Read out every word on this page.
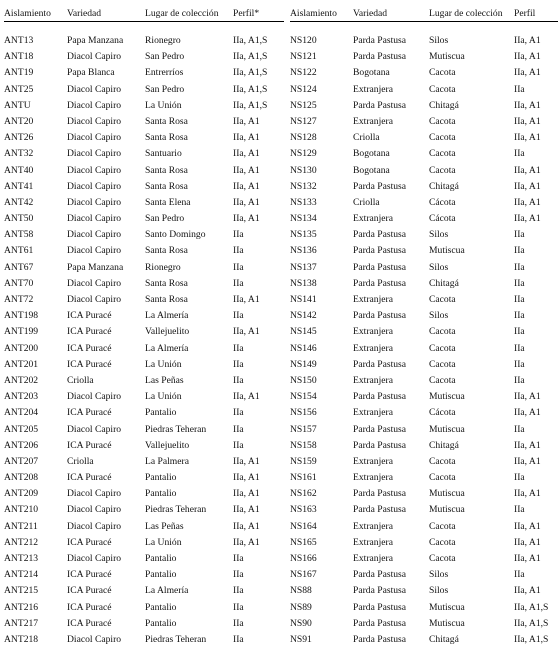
Aislamiento	Variedad	Lugar de colección	Perfil*
ANT13	Papa Manzana	Rionegro	IIa, A1,S
ANT18	Diacol Capiro	San Pedro	IIa, A1,S
ANT19	Papa Blanca	Entrerríos	IIa, A1,S
ANT25	Diacol Capiro	San Pedro	IIa, A1,S
ANTU	Diacol Capiro	La Unión	IIa, A1,S
ANT20	Diacol Capiro	Santa Rosa	IIa, A1
ANT26	Diacol Capiro	Santa Rosa	IIa, A1
ANT32	Diacol Capiro	Santuario	IIa, A1
ANT40	Diacol Capiro	Santa Rosa	IIa, A1
ANT41	Diacol Capiro	Santa Rosa	IIa, A1
ANT42	Diacol Capiro	Santa Elena	IIa, A1
ANT50	Diacol Capiro	San Pedro	IIa, A1
ANT58	Diacol Capiro	Santo Domingo	IIa
ANT61	Diacol Capiro	Santa Rosa	IIa
ANT67	Papa Manzana	Rionegro	IIa
ANT70	Diacol Capiro	Santa Rosa	IIa
ANT72	Diacol Capiro	Santa Rosa	IIa, A1
ANT198	ICA Puracé	La Almería	IIa
ANT199	ICA Puracé	Vallejuelito	IIa, A1
ANT200	ICA Puracé	La Almería	IIa
ANT201	ICA Puracé	La Unión	IIa
ANT202	Criolla	Las Peñas	IIa
ANT203	Diacol Capiro	La Unión	IIa, A1
ANT204	ICA Puracé	Pantalio	IIa
ANT205	Diacol Capiro	Piedras Teheran	IIa
ANT206	ICA Puracé	Vallejuelito	IIa
ANT207	Criolla	La Palmera	IIa, A1
ANT208	ICA Puracé	Pantalio	IIa, A1
ANT209	Diacol Capiro	Pantalio	IIa, A1
ANT210	Diacol Capiro	Piedras Teheran	IIa, A1
ANT211	Diacol Capiro	Las Peñas	IIa, A1
ANT212	ICA Puracé	La Unión	IIa, A1
ANT213	Diacol Capiro	Pantalio	IIa
ANT214	ICA Puracé	Pantalio	IIa
ANT215	ICA Puracé	La Almería	IIa
ANT216	ICA Puracé	Pantalio	IIa
ANT217	ICA Puracé	Pantalio	IIa
ANT218	Diacol Capiro	Piedras Teheran	IIa
Aislamiento	Variedad	Lugar de colección	Perfil
NS120	Parda Pastusa	Silos	IIa, A1
NS121	Parda Pastusa	Mutiscua	IIa, A1
NS122	Bogotana	Cacota	IIa, A1
NS124	Extranjera	Cacota	IIa
NS125	Parda Pastusa	Chitagá	IIa, A1
NS127	Extranjera	Cacota	IIa, A1
NS128	Criolla	Cacota	IIa, A1
NS129	Bogotana	Cacota	IIa
NS130	Bogotana	Cacota	IIa, A1
NS132	Parda Pastusa	Chitagá	IIa, A1
NS133	Criolla	Cácota	IIa, A1
NS134	Extranjera	Cácota	IIa, A1
NS135	Parda Pastusa	Silos	IIa
NS136	Parda Pastusa	Mutiscua	IIa
NS137	Parda Pastusa	Silos	IIa
NS138	Parda Pastusa	Chitagá	IIa
NS141	Extranjera	Cacota	IIa
NS142	Parda Pastusa	Silos	IIa
NS145	Extranjera	Cacota	IIa
NS146	Extranjera	Cacota	IIa
NS149	Parda Pastusa	Cacota	IIa
NS150	Extranjera	Cacota	IIa
NS154	Parda Pastusa	Mutiscua	IIa, A1
NS156	Extranjera	Cácota	IIa, A1
NS157	Parda Pastusa	Mutiscua	IIa
NS158	Parda Pastusa	Chitagá	IIa, A1
NS159	Extranjera	Cacota	IIa, A1
NS161	Extranjera	Cacota	IIa
NS162	Parda Pastusa	Mutiscua	IIa, A1
NS163	Parda Pastusa	Mutiscua	IIa
NS164	Extranjera	Cacota	IIa, A1
NS165	Extranjera	Cacota	IIa, A1
NS166	Extranjera	Cacota	IIa, A1
NS167	Parda Pastusa	Silos	IIa
NS88	Parda Pastusa	Silos	IIa, A1
NS89	Parda Pastusa	Mutiscua	IIa, A1,S
NS90	Parda Pastusa	Mutiscua	IIa, A1,S
NS91	Parda Pastusa	Chitagá	IIa, A1,S
